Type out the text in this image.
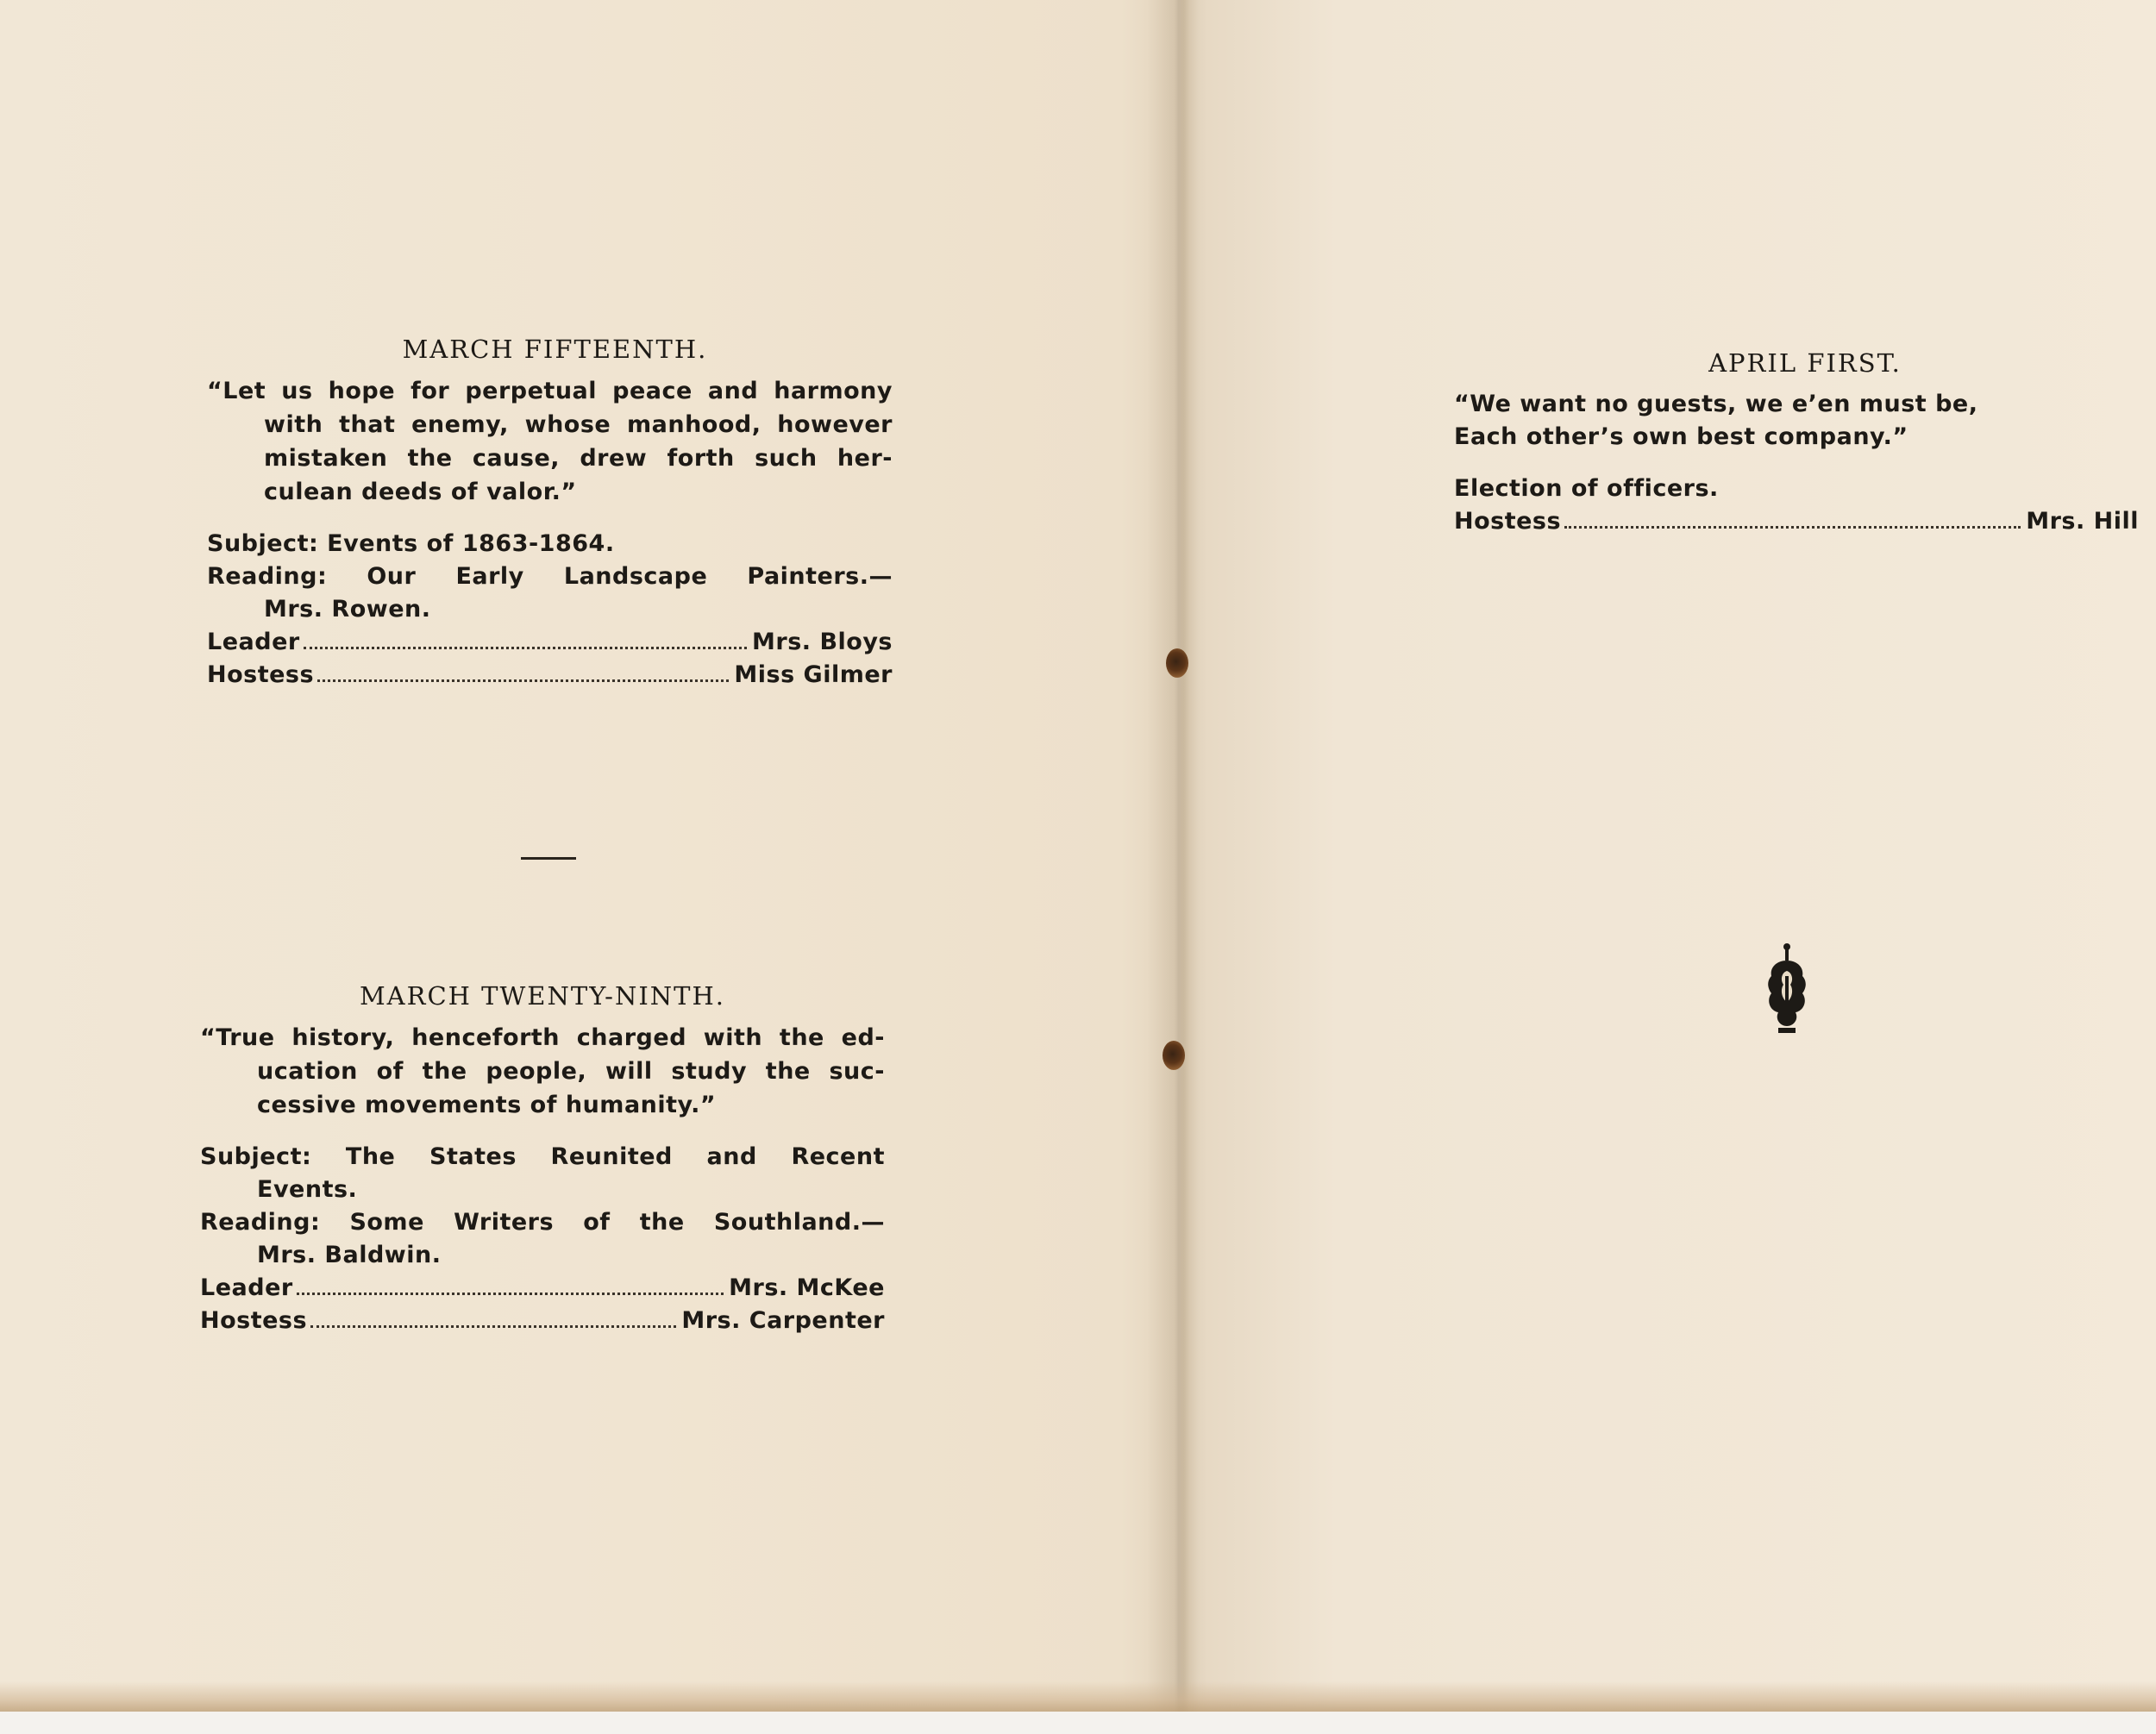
MARCH FIFTEENTH.
“Let us hope for perpetual peace and harmony with that enemy, whose manhood, however mistaken the cause, drew forth such her-culean deeds of valor.”
Subject: Events of 1863-1864.
Reading: Our Early Landscape Painters.—
Mrs. Rowen.
Leader	Mrs. Bloys
Hostess	Miss Gilmer
MARCH TWENTY-NINTH.
“True history, henceforth charged with the ed-ucation of the people, will study the suc-cessive movements of humanity.”
Subject: The States Reunited and Recent
Events.
Reading: Some Writers of the Southland.—
Mrs. Baldwin.
Leader	Mrs. McKee
Hostess	Mrs. Carpenter
APRIL FIRST.
“We want no guests, we e’en must be,
Each other’s own best company.”
Election of officers.
Hostess	Mrs. Hill
